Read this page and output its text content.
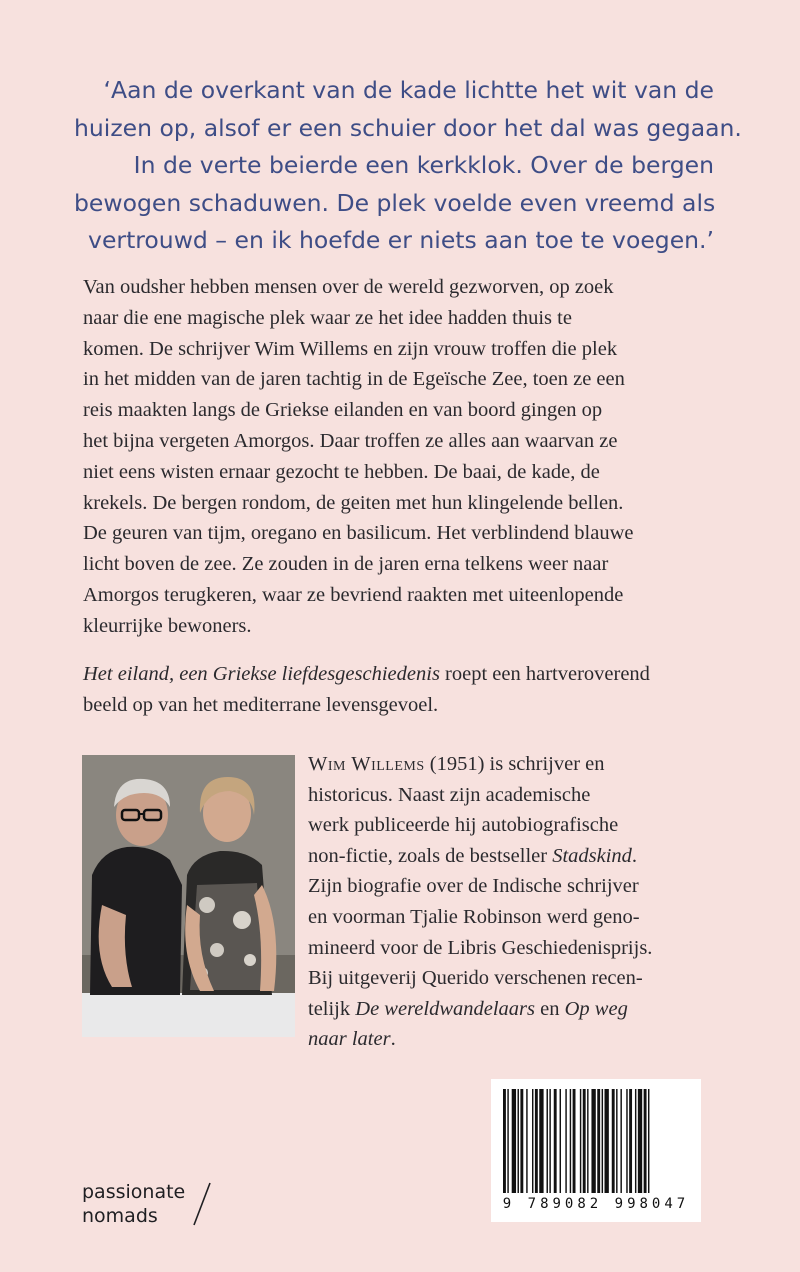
‘Aan de overkant van de kade lichtte het wit van de
huizen op, alsof er een schuier door het dal was gegaan.
In de verte beierde een kerkklok. Over de bergen
bewogen schaduwen. De plek voelde even vreemd als
vertrouwd – en ik hoefde er niets aan toe te voegen.’
Van oudsher hebben mensen over de wereld gezworven, op zoek
naar die ene magische plek waar ze het idee hadden thuis te
komen. De schrijver Wim Willems en zijn vrouw troffen die plek
in het midden van de jaren tachtig in de Egeïsche Zee, toen ze een
reis maakten langs de Griekse eilanden en van boord gingen op
het bijna vergeten Amorgos. Daar troffen ze alles aan waarvan ze
niet eens wisten ernaar gezocht te hebben. De baai, de kade, de
krekels. De bergen rondom, de geiten met hun klingelende bellen.
De geuren van tijm, oregano en basilicum. Het verblindend blauwe
licht boven de zee. Ze zouden in de jaren erna telkens weer naar
Amorgos terugkeren, waar ze bevriend raakten met uiteenlopende
kleurrijke bewoners.
Het eiland, een Griekse liefdesgeschiedenis roept een hartveroverend
beeld op van het mediterrane levensgevoel.
Wim Willems (1951) is schrijver en
historicus. Naast zijn academische
werk publiceerde hij autobiografische
non-fictie, zoals de bestseller Stadskind.
Zijn biografie over de Indische schrijver
en voorman Tjalie Robinson werd geno-
mineerd voor de Libris Geschiedenisprijs.
Bij uitgeverij Querido verschenen recen-
telijk De wereldwandelaars en Op weg
naar later.
9 789082 998047
passionate
nomads
